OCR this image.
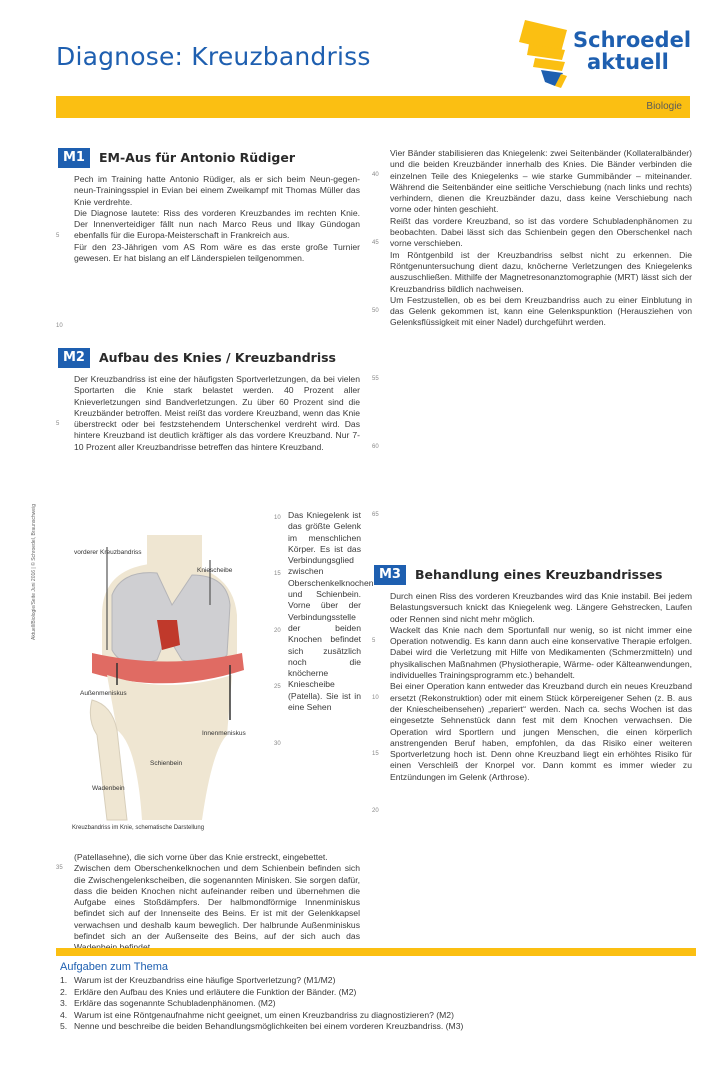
Diagnose: Kreuzbandriss
Schroedel
aktuell
Biologie
Aktuell/Biologie/Seite Juni 2016 | © Schroedel, Braunschweig
M1	EM-Aus für Antonio Rüdiger
5
10

Pech im Training hatte Antonio Rüdiger, als er sich beim Neun-gegen-neun-Trainingsspiel in Evian bei einem Zweikampf mit Thomas Müller das Knie verdrehte.

Die Diagnose lautete: Riss des vorderen Kreuzbandes im rechten Knie. Der Innenverteidiger fällt nun nach Marco Reus und Ilkay Gündogan ebenfalls für die Europa-Meisterschaft in Frankreich aus.

Für den 23-Jährigen vom AS Rom wäre es das erste große Turnier gewesen. Er hat bislang an elf Länderspielen teilgenommen.

M2	Aufbau des Knies / Kreuzbandriss
5

Der Kreuzbandriss ist eine der häufigsten Sportverletzungen, da bei vielen Sportarten die Knie stark belastet werden. 40 Prozent aller Knieverletzungen sind Bandverletzungen. Zu über 60 Prozent sind die Kreuzbänder betroffen. Meist reißt das vordere Kreuzband, wenn das Knie überstreckt oder bei festzstehendem Unterschenkel verdreht wird. Das hintere Kreuzband ist deutlich kräftiger als das vordere Kreuzband. Nur 7-10 Prozent aller Kreuzbandrisse betreffen das hintere Kreuzband.

vorderer Kreuzbandriss
Kniescheibe
Außenmeniskus
Innenmeniskus
Schienbein
Wadenbein
Kreuzbandriss im Knie, schematische Darstellung
10
15
20
25
30
Das Kniegelenk ist das größte Gelenk im menschlichen Körper. Es ist das Verbindungsglied zwischen Oberschenkelknochen und Schienbein. Vorne über der Verbindungsstelle der beiden Knochen befindet sich zusätzlich noch die knöcherne Kniescheibe (Patella). Sie ist in eine Sehen
35

(Patellasehne), die sich vorne über das Knie erstreckt, eingebettet.

Zwischen dem Oberschenkelknochen und dem Schienbein befinden sich die Zwischengelenkscheiben, die sogenannten Minisken. Sie sorgen dafür, dass die beiden Knochen nicht aufeinander reiben und übernehmen die Aufgabe eines Stoßdämpfers. Der halbmondförmige Innenminiskus befindet sich auf der Innenseite des Beins. Er ist mit der Gelenkkapsel verwachsen und deshalb kaum beweglich. Der halbrunde Außenminiskus befindet sich an der Außenseite des Beins, auf der sich auch das

40
45
50
55
60
65

Vier Bänder stabilisieren das Kniegelenk: zwei Seitenbänder (Kollateralbänder) und die beiden Kreuzbänder innerhalb des Knies. Die Bänder verbinden die einzelnen Teile des Kniegelenks – wie starke Gummibänder – miteinander. Während die Seitenbänder eine seitliche Verschiebung (nach links und rechts) verhindern, dienen die Kreuzbänder dazu, dass keine Verschiebung nach vorne oder hinten geschieht.

Reißt das vordere Kreuzband, so ist das vordere Schubladenphänomen zu beobachten. Dabei lässt sich das Schienbein gegen den Oberschenkel nach vorne verschieben.

Im Röntgenbild ist der Kreuzbandriss selbst nicht zu erkennen. Die Röntgenuntersuchung dient dazu, knöcherne Verletzungen des Kniegelenks auszuschließen. Mithilfe der Magnetresonanztomographie (MRT) lässt sich der Kreuzbandriss bildlich nachweisen.

Um Festzustellen, ob es bei dem Kreuzbandriss auch zu einer Einblutung in das Gelenk gekommen ist, kann eine Gelenkspunktion (Herausziehen von Gelenksflüssigkeit mit einer Nadel) durchgeführt werden.

M3	Behandlung eines Kreuzbandrisses
5
10
15
20

Durch einen Riss des vorderen Kreuzbandes wird das Knie instabil. Bei jedem Belastungsversuch knickt das Kniegelenk weg. Längere Gehstrecken, Laufen oder Rennen sind nicht mehr möglich.

Wackelt das Knie nach dem Sportunfall nur wenig, so ist nicht immer eine Operation notwendig. Es kann dann auch eine konservative Therapie erfolgen. Dabei wird die Verletzung mit Hilfe von Medikamenten (Schmerzmitteln) und physikalischen Maßnahmen (Physiotherapie, Wärme- oder Kälteanwendungen, individuelles Trainingsprogramm etc.) behandelt.

Bei einer Operation kann entweder das Kreuzband durch ein neues Kreuzband ersetzt (Rekonstruktion) oder mit einem Stück körpereigener Sehen (z. B. aus der Kniescheibensehen) „repariert“ werden. Nach ca. sechs Wochen ist das eingesetzte Sehnenstück dann fest mit dem Knochen verwachsen. Die Operation wird Sportlern und jungen Menschen, die einen körperlich anstrengenden Beruf haben, empfohlen, da das Risiko einer weiteren Sportverletzung hoch ist. Denn ohne Kreuzband liegt ein erhöhtes Risiko für einen Verschleiß der Knorpel vor. Dann kommt es immer wieder zu Entzündungen im Gelenk (Arthrose).

Aufgaben zum Thema
1. Warum ist der Kreuzbandriss eine häufige Sportverletzung? (M1/M2)
2. Erkläre den Aufbau des Knies und erläutere die Funktion der Bänder. (M2)
3. Erkläre das sogenannte Schubladenphänomen. (M2)
4. Warum ist eine Röntgenaufnahme nicht geeignet, um einen Kreuzbandriss zu diagnostizieren? (M2)
5. Nenne und beschreibe die beiden Behandlungsmöglichkeiten bei einem vorderen Kreuzbandriss. (M3)
